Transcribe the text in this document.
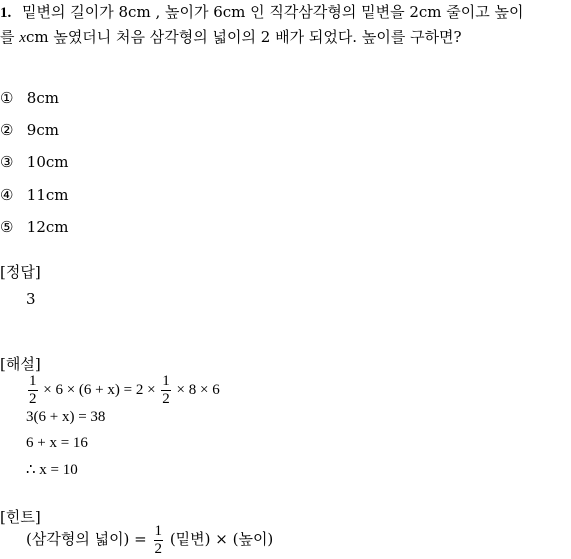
1. 밑변의 길이가 8cm , 높이가 6cm 인 직각삼각형의 밑변을 2cm 줄이고 높이
를 xcm 높였더니 처음 삼각형의 넓이의 2 배가 되었다. 높이를 구하면?
① 8cm
② 9cm
③ 10cm
④ 11cm
⑤ 12cm
[정답]
3
[해설]
$\frac{1}{2} \times 6 \times (6 + x) = 2 \times \frac{1}{2} \times 8 \times 6$
3(6 + x) = 38
6 + x = 16
∴ x = 10
[힌트]
(삼각형의 넓이) = $\frac{1}{2}$ (밑변) × (높이)
